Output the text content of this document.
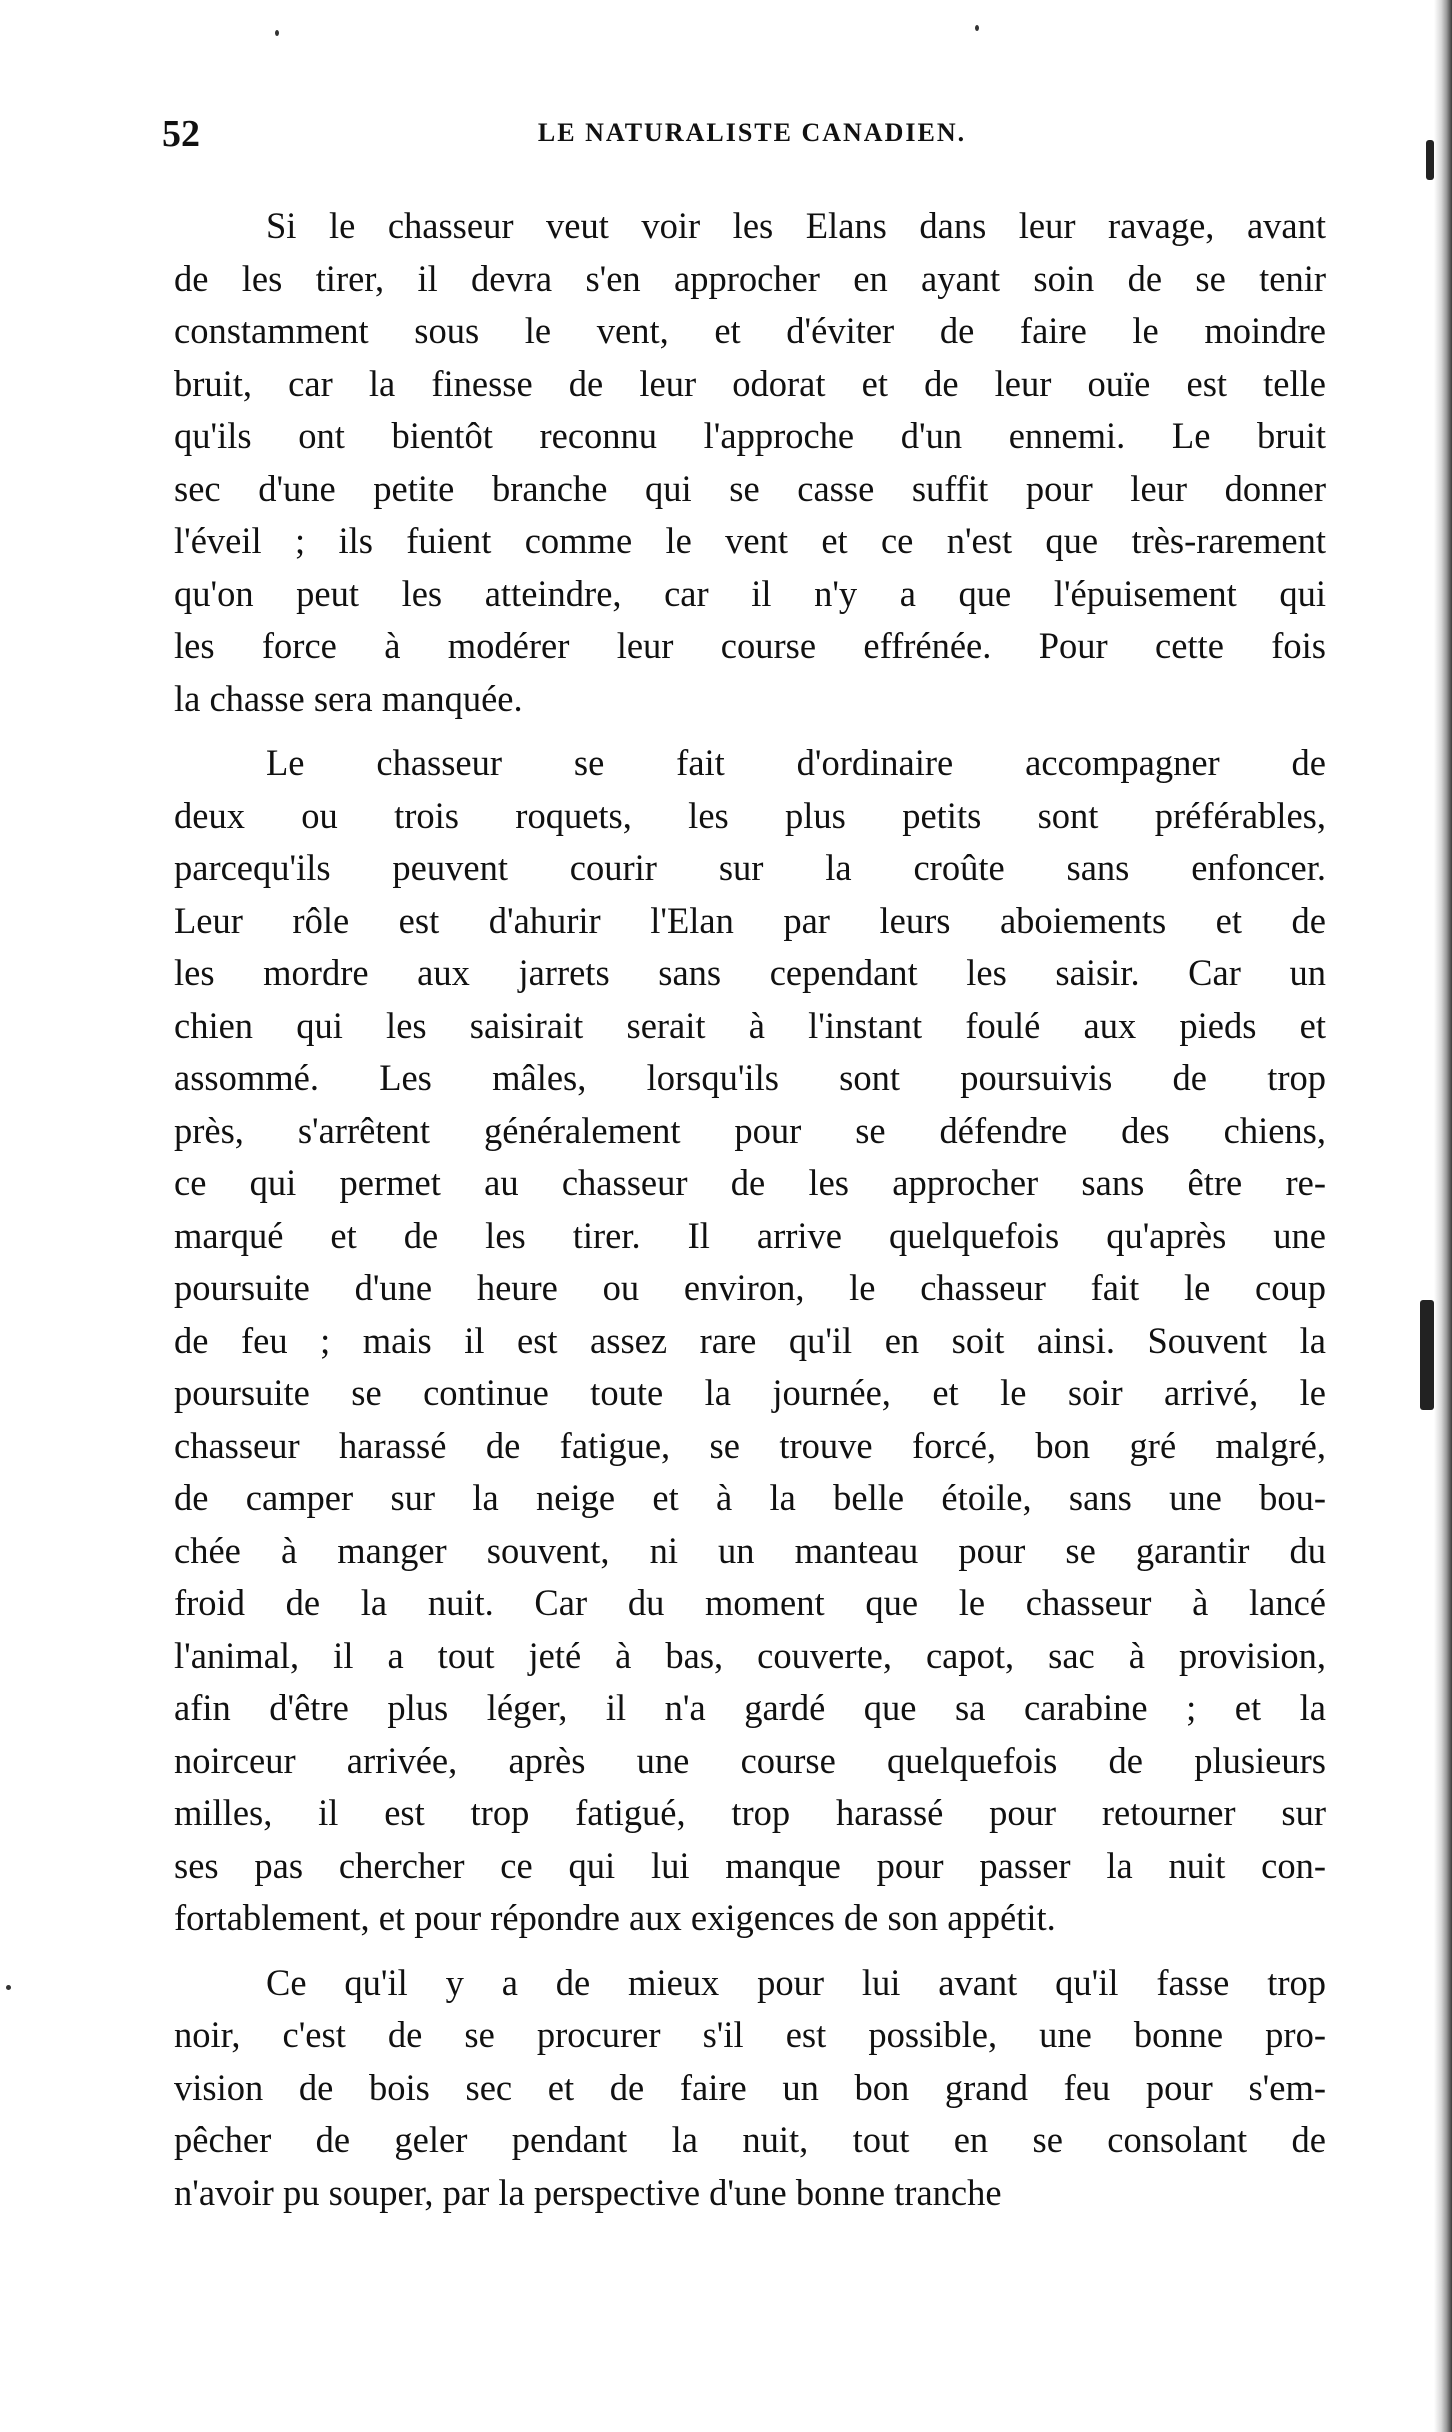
52	LE NATURALISTE CANADIEN.
Si le chasseur veut voir les Elans dans leur ravage, avant
de les tirer, il devra s'en approcher en ayant soin de se tenir
constamment sous le vent, et d'éviter de faire le moindre
bruit, car la finesse de leur odorat et de leur ouïe est telle
qu'ils ont bientôt reconnu l'approche d'un ennemi. Le bruit
sec d'une petite branche qui se casse suffit pour leur donner
l'éveil ; ils fuient comme le vent et ce n'est que très-rarement
qu'on peut les atteindre, car il n'y a que l'épuisement qui
les force à modérer leur course effrénée. Pour cette fois
la chasse sera manquée.
Le chasseur se fait d'ordinaire accompagner de
deux ou trois roquets, les plus petits sont préférables,
parcequ'ils peuvent courir sur la croûte sans enfoncer.
Leur rôle est d'ahurir l'Elan par leurs aboiements et de
les mordre aux jarrets sans cependant les saisir. Car un
chien qui les saisirait serait à l'instant foulé aux pieds et
assommé. Les mâles, lorsqu'ils sont poursuivis de trop
près, s'arrêtent généralement pour se défendre des chiens,
ce qui permet au chasseur de les approcher sans être re-
marqué et de les tirer. Il arrive quelquefois qu'après une
poursuite d'une heure ou environ, le chasseur fait le coup
de feu ; mais il est assez rare qu'il en soit ainsi. Souvent la
poursuite se continue toute la journée, et le soir arrivé, le
chasseur harassé de fatigue, se trouve forcé, bon gré malgré,
de camper sur la neige et à la belle étoile, sans une bou-
chée à manger souvent, ni un manteau pour se garantir du
froid de la nuit. Car du moment que le chasseur à lancé
l'animal, il a tout jeté à bas, couverte, capot, sac à provision,
afin d'être plus léger, il n'a gardé que sa carabine ; et la
noirceur arrivée, après une course quelquefois de plusieurs
milles, il est trop fatigué, trop harassé pour retourner sur
ses pas chercher ce qui lui manque pour passer la nuit con-
fortablement, et pour répondre aux exigences de son appétit.
Ce qu'il y a de mieux pour lui avant qu'il fasse trop
noir, c'est de se procurer s'il est possible, une bonne pro-
vision de bois sec et de faire un bon grand feu pour s'em-
pêcher de geler pendant la nuit, tout en se consolant de
n'avoir pu souper, par la perspective d'une bonne tranche
